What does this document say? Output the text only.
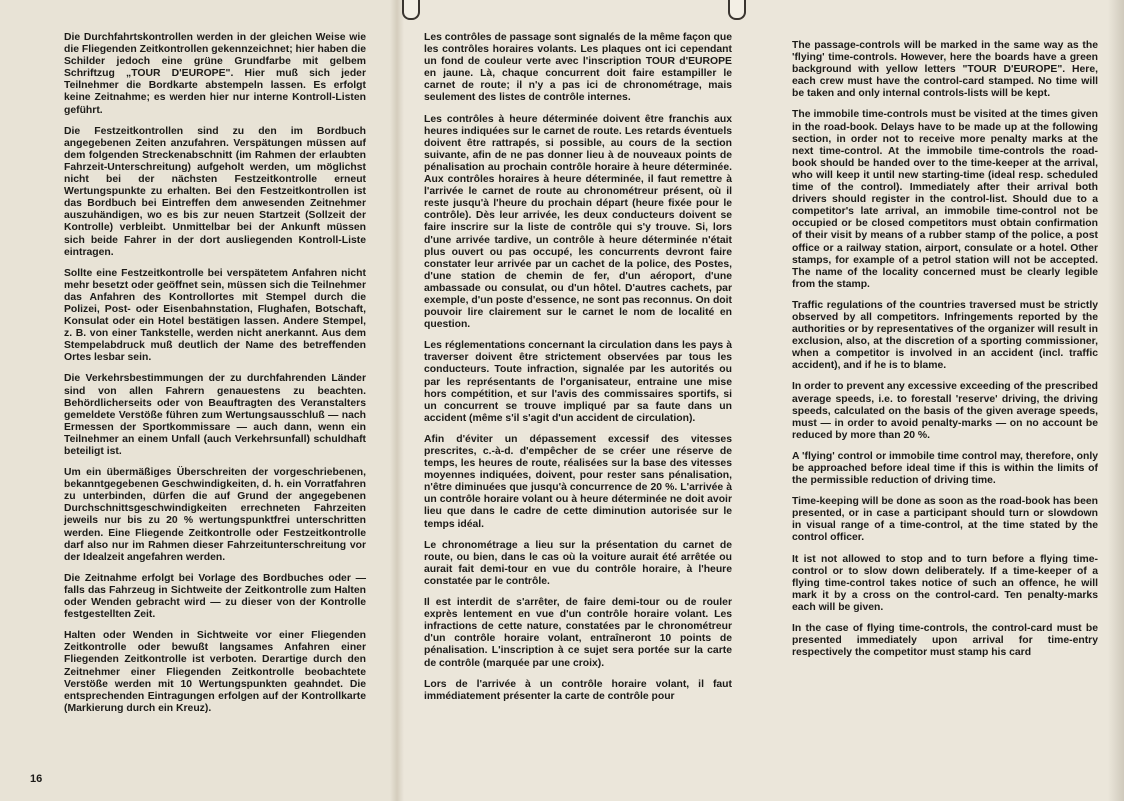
Die Durchfahrtskontrollen werden in der gleichen Weise wie die Fliegenden Zeitkontrollen gekennzeichnet; hier haben die Schilder jedoch eine grüne Grundfarbe mit gelbem Schriftzug „TOUR D'EUROPE". Hier muß sich jeder Teilnehmer die Bordkarte abstempeln lassen. Es erfolgt keine Zeitnahme; es werden hier nur interne Kontroll-Listen geführt.

Die Festzeitkontrollen sind zu den im Bordbuch angegebenen Zeiten anzufahren. Verspätungen müssen auf dem folgenden Streckenabschnitt (im Rahmen der erlaubten Fahrzeit-Unterschreitung) aufgeholt werden, um möglichst nicht bei der nächsten Festzeitkontrolle erneut Wertungspunkte zu erhalten. Bei den Festzeitkontrollen ist das Bordbuch bei Eintreffen dem anwesenden Zeitnehmer auszuhändigen, wo es bis zur neuen Startzeit (Sollzeit der Kontrolle) verbleibt. Unmittelbar bei der Ankunft müssen sich beide Fahrer in der dort ausliegenden Kontroll-Liste eintragen.

Sollte eine Festzeitkontrolle bei verspätetem Anfahren nicht mehr besetzt oder geöffnet sein, müssen sich die Teilnehmer das Anfahren des Kontrollortes mit Stempel durch die Polizei, Post- oder Eisenbahnstation, Flughafen, Botschaft, Konsulat oder ein Hotel bestätigen lassen. Andere Stempel, z. B. von einer Tankstelle, werden nicht anerkannt. Aus dem Stempelabdruck muß deutlich der Name des betreffenden Ortes lesbar sein.

Die Verkehrsbestimmungen der zu durchfahrenden Länder sind von allen Fahrern genauestens zu beachten. Behördlicherseits oder von Beauftragten des Veranstalters gemeldete Verstöße führen zum Wertungsausschluß — nach Ermessen der Sportkommissare — auch dann, wenn ein Teilnehmer an einem Unfall (auch Verkehrsunfall) schuldhaft beteiligt ist.

Um ein übermäßiges Überschreiten der vorgeschriebenen, bekanntgegebenen Geschwindigkeiten, d. h. ein Vorratfahren zu unterbinden, dürfen die auf Grund der angegebenen Durchschnittsgeschwindigkeiten errechneten Fahrzeiten jeweils nur bis zu 20 % wertungspunktfrei unterschritten werden. Eine Fliegende Zeitkontrolle oder Festzeitkontrolle darf also nur im Rahmen dieser Fahrzeitunterschreitung vor der Idealzeit angefahren werden.

Die Zeitnahme erfolgt bei Vorlage des Bordbuches oder — falls das Fahrzeug in Sichtweite der Zeitkontrolle zum Halten oder Wenden gebracht wird — zu dieser von der Kontrolle festgestellten Zeit.

Halten oder Wenden in Sichtweite vor einer Fliegenden Zeitkontrolle oder bewußt langsames Anfahren einer Fliegenden Zeitkontrolle ist verboten. Derartige durch den Zeitnehmer einer Fliegenden Zeitkontrolle beobachtete Verstöße werden mit 10 Wertungspunkten geahndet. Die entsprechenden Eintragungen erfolgen auf der Kontrollkarte (Markierung durch ein Kreuz).

Les contrôles de passage sont signalés de la même façon que les contrôles horaires volants. Les plaques ont ici cependant un fond de couleur verte avec l'inscription TOUR d'EUROPE en jaune. Là, chaque concurrent doit faire estampiller le carnet de route; il n'y a pas ici de chronométrage, mais seulement des listes de contrôle internes.

Les contrôles à heure déterminée doivent être franchis aux heures indiquées sur le carnet de route. Les retards éventuels doivent être rattrapés, si possible, au cours de la section suivante, afin de ne pas donner lieu à de nouveaux points de pénalisation au prochain contrôle horaire à heure déterminée. Aux contrôles horaires à heure déterminée, il faut remettre à l'arrivée le carnet de route au chronométreur présent, où il reste jusqu'à l'heure du prochain départ (heure fixée pour le contrôle). Dès leur arrivée, les deux conducteurs doivent se faire inscrire sur la liste de contrôle qui s'y trouve. Si, lors d'une arrivée tardive, un contrôle à heure déterminée n'était plus ouvert ou pas occupé, les concurrents devront faire constater leur arrivée par un cachet de la police, des Postes, d'une station de chemin de fer, d'un aéroport, d'une ambassade ou consulat, ou d'un hôtel. D'autres cachets, par exemple, d'un poste d'essence, ne sont pas reconnus. On doit pouvoir lire clairement sur le carnet le nom de localité en question.

Les réglementations concernant la circulation dans les pays à traverser doivent être strictement observées par tous les conducteurs. Toute infraction, signalée par les autorités ou par les représentants de l'organisateur, entraine une mise hors compétition, et sur l'avis des commissaires sportifs, si un concurrent se trouve impliqué par sa faute dans un accident (même s'il s'agit d'un accident de circulation).

Afin d'éviter un dépassement excessif des vitesses prescrites, c.-à-d. d'empêcher de se créer une réserve de temps, les heures de route, réalisées sur la base des vitesses moyennes indiquées, doivent, pour rester sans pénalisation, n'être diminuées que jusqu'à concurrence de 20 %. L'arrivée à un contrôle horaire volant ou à heure déterminée ne doit avoir lieu que dans le cadre de cette diminution autorisée sur le temps idéal.

Le chronométrage a lieu sur la présentation du carnet de route, ou bien, dans le cas où la voiture aurait été arrêtée ou aurait fait demi-tour en vue du contrôle horaire, à l'heure constatée par le contrôle.

Il est interdit de s'arrêter, de faire demi-tour ou de rouler exprès lentement en vue d'un contrôle horaire volant. Les infractions de cette nature, constatées par le chronométreur d'un contrôle horaire volant, entraîneront 10 points de pénalisation. L'inscription à ce sujet sera portée sur la carte de contrôle (marquée par une croix).

Lors de l'arrivée à un contrôle horaire volant, il faut immédiatement présenter la carte de contrôle pour

The passage-controls will be marked in the same way as the 'flying' time-controls. However, here the boards have a green background with yellow letters "TOUR D'EUROPE". Here, each crew must have the control-card stamped. No time will be taken and only internal controls-lists will be kept.

The immobile time-controls must be visited at the times given in the road-book. Delays have to be made up at the following section, in order not to receive more penalty marks at the next time-control. At the immobile time-controls the road-book should be handed over to the time-keeper at the arrival, who will keep it until new starting-time (ideal resp. scheduled time of the control). Immediately after their arrival both drivers should register in the control-list. Should due to a competitor's late arrival, an immobile time-control not be occupied or be closed competitors must obtain confirmation of their visit by means of a rubber stamp of the police, a post office or a railway station, airport, consulate or a hotel. Other stamps, for example of a petrol station will not be accepted. The name of the locality concerned must be clearly legible from the stamp.

Traffic regulations of the countries traversed must be strictly observed by all competitors. Infringements reported by the authorities or by representatives of the organizer will result in exclusion, also, at the discretion of a sporting commissioner, when a competitor is involved in an accident (incl. traffic accident), and if he is to blame.

In order to prevent any excessive exceeding of the prescribed average speeds, i.e. to forestall 'reserve' driving, the driving speeds, calculated on the basis of the given average speeds, must — in order to avoid penalty-marks — on no account be reduced by more than 20 %.

A 'flying' control or immobile time control may, therefore, only be approached before ideal time if this is within the limits of the permissible reduction of driving time.

Time-keeping will be done as soon as the road-book has been presented, or in case a participant should turn or slowdown in visual range of a time-control, at the time stated by the control officer.

It ist not allowed to stop and to turn before a flying time-control or to slow down deliberately. If a time-keeper of a flying time-control takes notice of such an offence, he will mark it by a cross on the control-card. Ten penalty-marks each will be given.

In the case of flying time-controls, the control-card must be presented immediately upon arrival for time-entry respectively the competitor must stamp his card

16
